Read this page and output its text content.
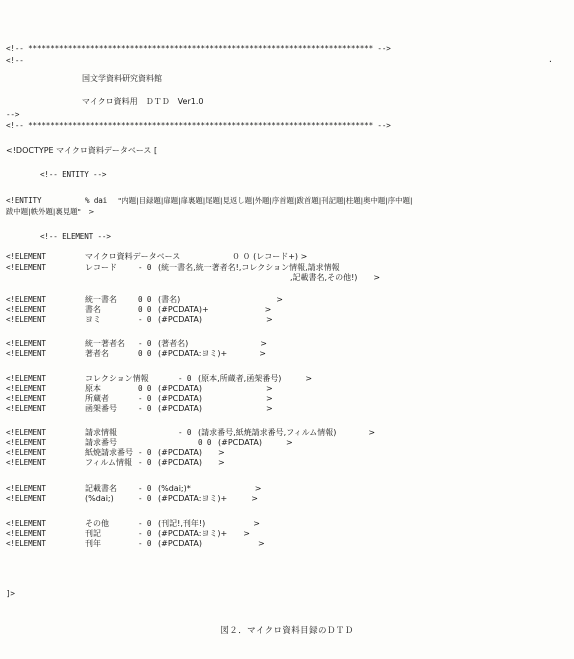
<!-- ****************************************************************************** -->
<!--	.
国文学資料研究資料館
マイクロ資料用　ＤＴＤ　Ver1.0
-->
<!-- ****************************************************************************** -->
<!DOCTYPE マイクロ資料データベース [
<!-- ENTITY -->
<!ENTITY	% dai "内題|目録題|扉題|扉裏題|尾題|見返し題|外題|序首題|跋首題|刊記題|柱題|奥中題|序中題|
跋中題|帙外題|裏見題"　>
<!-- ELEMENT -->
<!ELEMENT	マイクロ資料データベース	０ ０ (レコード+) >
<!ELEMENT	レコード	- 0 (統一書名,統一著者名!,コレクション情報,請求情報
,記載書名,その他!)　　>
<!ELEMENT	統一書名	0 0 (書名)　　　　　　　　　　　　>
<!ELEMENT	書名	0 0 (#PCDATA)+　　　　　　　>
<!ELEMENT	ヨミ	- 0 (#PCDATA)　　　　　　　　>
<!ELEMENT	統一著者名 - 0 (著者名)　　　　　　　　　>
<!ELEMENT	著者名	0 0 (#PCDATA:ヨミ)+　　　　>
<!ELEMENT	コレクション情報	- 0 (原本,所蔵者,函架番号)　　　>
<!ELEMENT	原本	0 0 (#PCDATA)　　　　　　　　>
<!ELEMENT	所蔵者	- 0 (#PCDATA)　　　　　　　　>
<!ELEMENT	函架番号	- 0 (#PCDATA)　　　　　　　　>
<!ELEMENT	請求情報	- 0 (請求番号,紙焼請求番号,フィルム情報)　　　　>
<!ELEMENT	請求番号	0 0 (#PCDATA)　　　>
<!ELEMENT	紙焼請求番号 - 0 (#PCDATA)　　>
<!ELEMENT	フィルム情報 - 0 (#PCDATA)　　>
<!ELEMENT	記載書名	- 0 (%dai;)*　　　　　　　　>
<!ELEMENT	(%dai;)	- 0 (#PCDATA:ヨミ)+　　　>
<!ELEMENT	その他	- 0 (刊記!,刊年!)　　　　　　>
<!ELEMENT	刊記	- 0 (#PCDATA:ヨミ)+　　>
<!ELEMENT	刊年	- 0 (#PCDATA)　　　　　　　>
]>
図２．マイクロ資料目録のＤＴＤ
